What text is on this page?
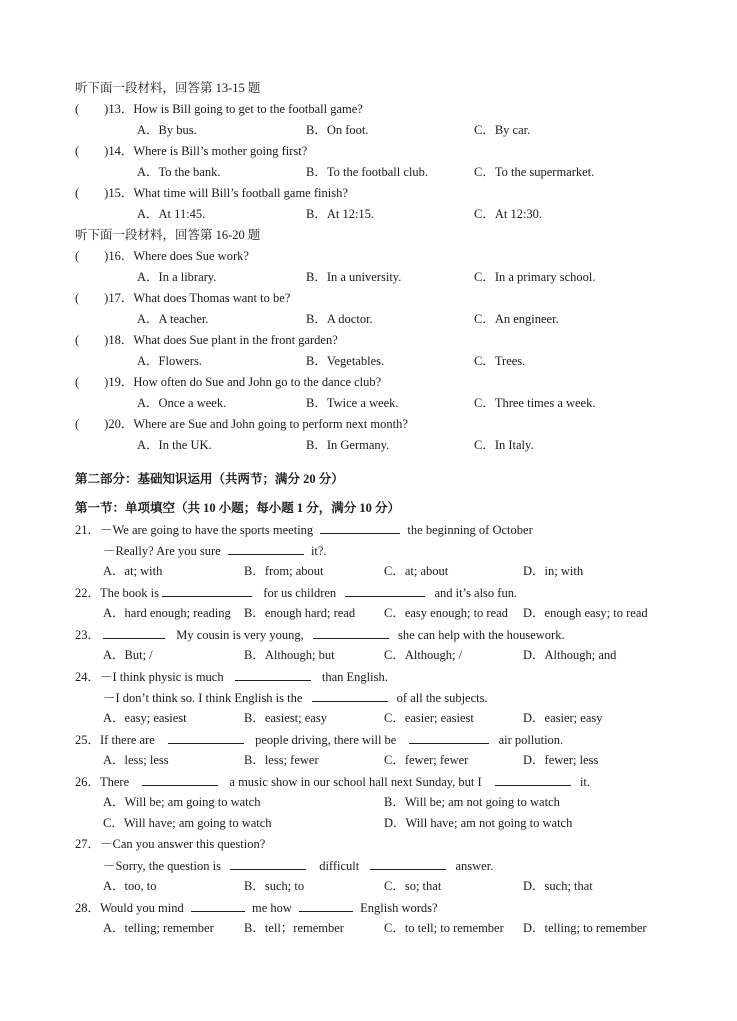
听下面一段材料，回答第 13-15 题
(　　)13．How is Bill going to get to the football game?
A．By bus.	B．On foot.	C．By car.
(　　)14．Where is Bill’s mother going first?
A．To the bank.	B．To the football club.	C．To the supermarket.
(　　)15．What time will Bill’s football game finish?
A．At 11:45.	B．At 12:15.	C．At 12:30.
听下面一段材料，回答第 16-20 题
(　　)16．Where does Sue work?
A．In a library.	B．In a university.	C．In a primary school.
(　　)17．What does Thomas want to be?
A．A teacher.	B．A doctor.	C．An engineer.
(　　)18．What does Sue plant in the front garden?
A．Flowers.	B．Vegetables.	C．Trees.
(　　)19．How often do Sue and John go to the dance club?
A．Once a week.	B．Twice a week.	C．Three times a week.
(　　)20．Where are Sue and John going to perform next month?
A．In the UK.	B．In Germany.	C．In Italy.
第二部分：基础知识运用（共两节；满分 20 分）
第一节：单项填空（共 10 小题；每小题 1 分，满分 10 分）
21．－We are going to have the sports meeting	the beginning of October
－Really? Are you sure	it?.
A．at; with	B．from; about	C．at; about	D．in; with
22．The book is	for us children	and it’s also fun.
A．hard enough; reading B．enough hard; read C．easy enough; to read D．enough easy; to read
23．	My cousin is very young,	she can help with the housework.
A．But; /	B．Although; but	C．Although; /	D．Although; and
24．－I think physic is much	than English.
－I don’t think so. I think English is the	of all the subjects.
A．easy; easiest	B．easiest; easy	C．easier; easiest	D．easier; easy
25．If there are	people driving, there will be	air pollution.
A．less; less	B．less; fewer	C．fewer; fewer	D．fewer; less
26．There	a music show in our school hall next Sunday, but I	it.
A．Will be; am going to watch	B．Will be; am not going to watch
C．Will have; am going to watch	D．Will have; am not going to watch
27．－Can you answer this question?
－Sorry, the question is	difficult	answer.
A．too, to	B．such; to	C．so; that	D．such; that
28．Would you mind	me how	English words?
A．telling; remember B．tell；remember	C．to tell; to remember D．telling; to remember
